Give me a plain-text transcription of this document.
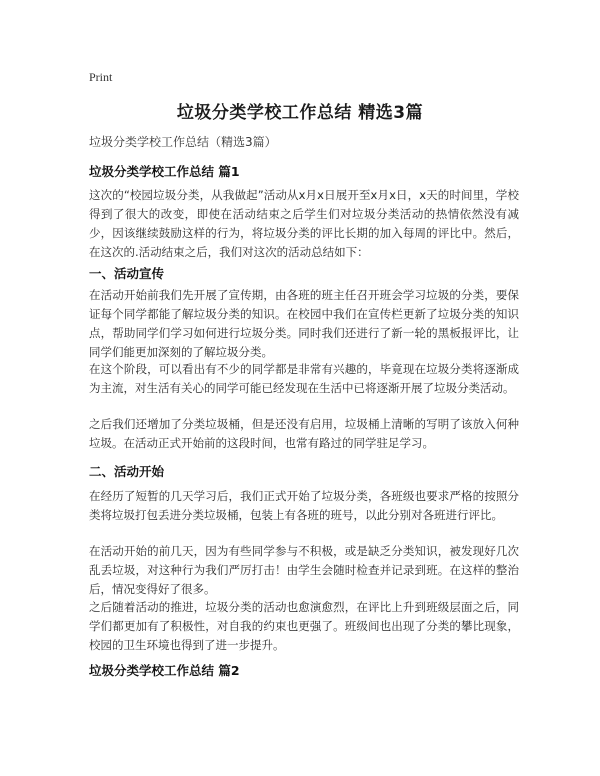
Print
垃圾分类学校工作总结 精选3篇
垃圾分类学校工作总结（精选3篇）
垃圾分类学校工作总结 篇1
这次的“校园垃圾分类，从我做起”活动从x月x日展开至x月x日，x天的时间里，学校得到了很大的改变，即使在活动结束之后学生们对垃圾分类活动的热情依然没有减少，因该继续鼓励这样的行为，将垃圾分类的评比长期的加入每周的评比中。然后，在这次的.活动结束之后，我们对这次的活动总结如下：
一、活动宣传
在活动开始前我们先开展了宣传期，由各班的班主任召开班会学习垃圾的分类，要保证每个同学都能了解垃圾分类的知识。在校园中我们在宣传栏更新了垃圾分类的知识点，帮助同学们学习如何进行垃圾分类。同时我们还进行了新一轮的黑板报评比，让同学们能更加深刻的了解垃圾分类。
在这个阶段，可以看出有不少的同学都是非常有兴趣的，毕竟现在垃圾分类将逐渐成为主流，对生活有关心的同学可能已经发现在生活中已将逐渐开展了垃圾分类活动。
之后我们还增加了分类垃圾桶，但是还没有启用，垃圾桶上清晰的写明了该放入何种垃圾。在活动正式开始前的这段时间，也常有路过的同学驻足学习。
二、活动开始
在经历了短暂的几天学习后，我们正式开始了垃圾分类，各班级也要求严格的按照分类将垃圾打包丢进分类垃圾桶，包装上有各班的班号，以此分别对各班进行评比。
在活动开始的前几天，因为有些同学参与不积极，或是缺乏分类知识，被发现好几次乱丢垃圾，对这种行为我们严厉打击！由学生会随时检查并记录到班。在这样的整治后，情况变得好了很多。
之后随着活动的推进，垃圾分类的活动也愈演愈烈，在评比上升到班级层面之后，同学们都更加有了积极性，对自我的约束也更强了。班级间也出现了分类的攀比现象，校园的卫生环境也得到了进一步提升。
垃圾分类学校工作总结 篇2
